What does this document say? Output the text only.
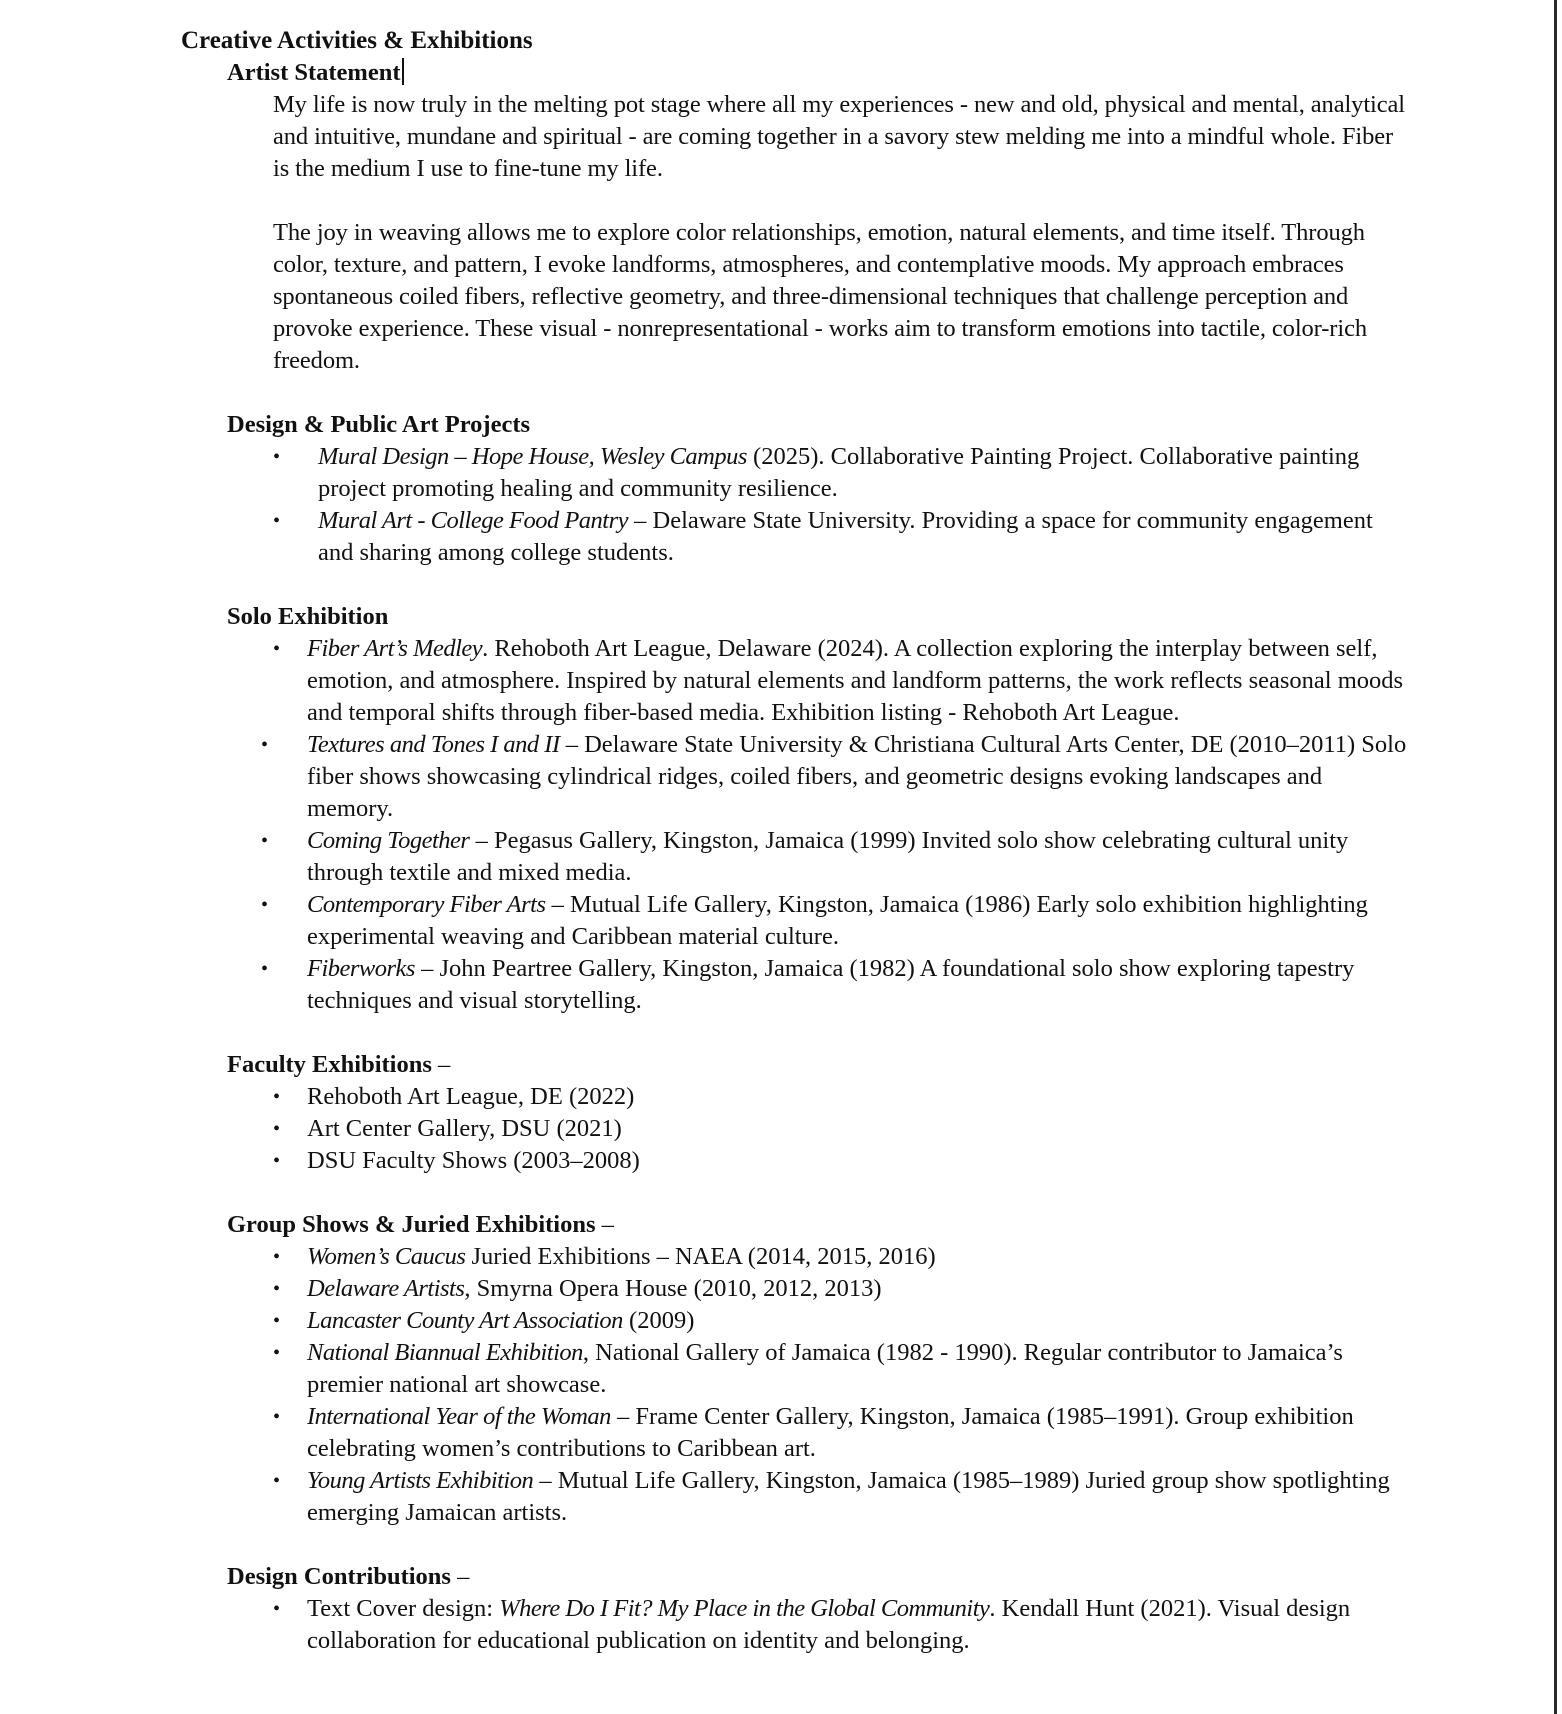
Creative Activities & Exhibitions
Artist Statement

My life is now truly in the melting pot stage where all my experiences - new and old, physical and mental, analytical and intuitive, mundane and spiritual - are coming together in a savory stew melding me into a mindful whole. Fiber is the medium I use to fine-tune my life.

The joy in weaving allows me to explore color relationships, emotion, natural elements, and time itself. Through color, texture, and pattern, I evoke landforms, atmospheres, and contemplative moods. My approach embraces spontaneous coiled fibers, reflective geometry, and three-dimensional techniques that challenge perception and provoke experience. These visual - nonrepresentational - works aim to transform emotions into tactile, color-rich freedom.

Design & Public Art Projects
• Mural Design – Hope House, Wesley Campus (2025). Collaborative Painting Project. Collaborative painting project promoting healing and community resilience.
• Mural Art - College Food Pantry – Delaware State University. Providing a space for community engagement and sharing among college students.
Solo Exhibition
• Fiber Art’s Medley. Rehoboth Art League, Delaware (2024). A collection exploring the interplay between self, emotion, and atmosphere. Inspired by natural elements and landform patterns, the work reflects seasonal moods and temporal shifts through fiber-based media. Exhibition listing - Rehoboth Art League.
• Textures and Tones I and II – Delaware State University & Christiana Cultural Arts Center, DE (2010–2011) Solo fiber shows showcasing cylindrical ridges, coiled fibers, and geometric designs evoking landscapes and memory.
• Coming Together – Pegasus Gallery, Kingston, Jamaica (1999) Invited solo show celebrating cultural unity through textile and mixed media.
• Contemporary Fiber Arts – Mutual Life Gallery, Kingston, Jamaica (1986) Early solo exhibition highlighting experimental weaving and Caribbean material culture.
• Fiberworks – John Peartree Gallery, Kingston, Jamaica (1982) A foundational solo show exploring tapestry techniques and visual storytelling.
Faculty Exhibitions –
• Rehoboth Art League, DE (2022)
• Art Center Gallery, DSU (2021)
• DSU Faculty Shows (2003–2008)
Group Shows & Juried Exhibitions –
• Women’s Caucus Juried Exhibitions – NAEA (2014, 2015, 2016)
• Delaware Artists, Smyrna Opera House (2010, 2012, 2013)
• Lancaster County Art Association (2009)
• National Biannual Exhibition, National Gallery of Jamaica (1982 - 1990). Regular contributor to Jamaica’s premier national art showcase.
• International Year of the Woman – Frame Center Gallery, Kingston, Jamaica (1985–1991). Group exhibition celebrating women’s contributions to Caribbean art.
• Young Artists Exhibition – Mutual Life Gallery, Kingston, Jamaica (1985–1989) Juried group show spotlighting emerging Jamaican artists.
Design Contributions –
• Text Cover design: Where Do I Fit? My Place in the Global Community. Kendall Hunt (2021). Visual design collaboration for educational publication on identity and belonging.
